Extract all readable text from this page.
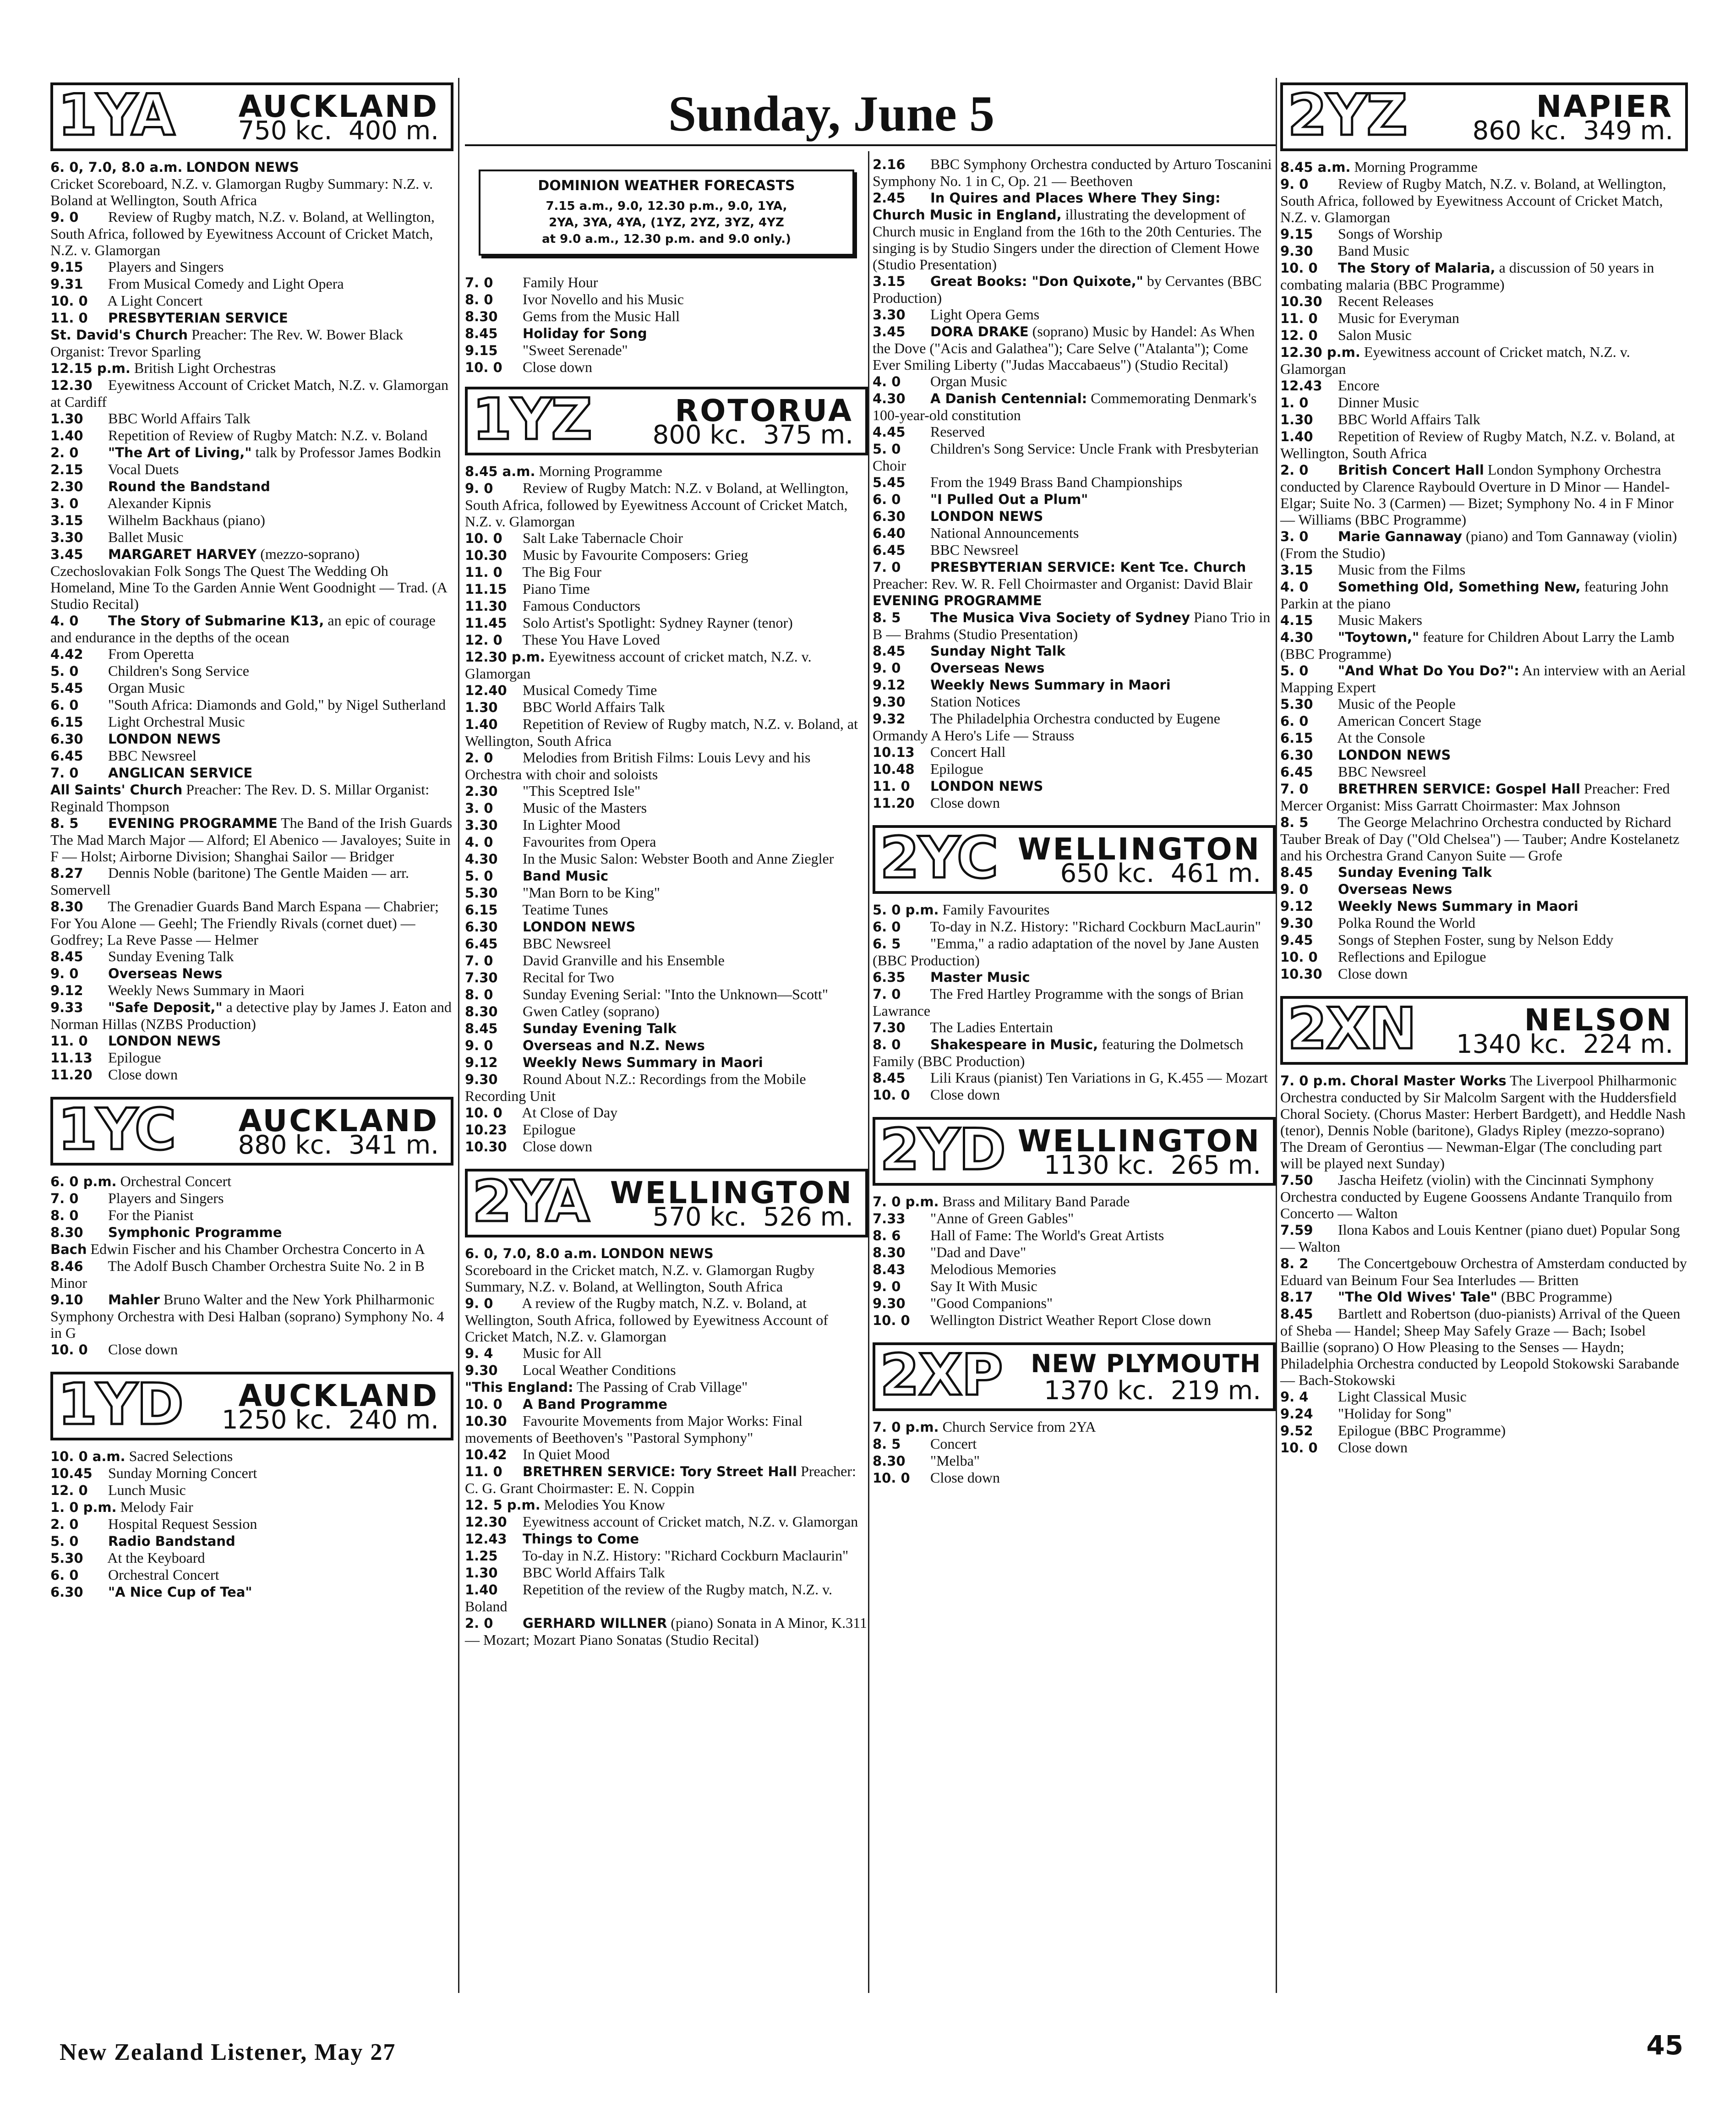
Sunday, June 5
1YA AUCKLAND
750 kc. 400 m.

6. 0, 7.0, 8.0 a.m. LONDON NEWS

Cricket Scoreboard, N.Z. v. Glamorgan Rugby Summary: N.Z. v. Boland at Wellington, South Africa

9. 0 Review of Rugby match, N.Z. v. Boland, at Wellington, South Africa, followed by Eyewitness Account of Cricket Match, N.Z. v. Glamorgan

9.15 Players and Singers

9.31 From Musical Comedy and Light Opera

10. 0 A Light Concert

11. 0 PRESBYTERIAN SERVICE

St. David's Church Preacher: The Rev. W. Bower Black Organist: Trevor Sparling

12.15 p.m. British Light Orchestras

12.30 Eyewitness Account of Cricket Match, N.Z. v. Glamorgan at Cardiff

1.30 BBC World Affairs Talk

1.40 Repetition of Review of Rugby Match: N.Z. v. Boland

2. 0 "The Art of Living," talk by Professor James Bodkin

2.15 Vocal Duets

2.30 Round the Bandstand

3. 0 Alexander Kipnis

3.15 Wilhelm Backhaus (piano)

3.30 Ballet Music

3.45 MARGARET HARVEY (mezzo-soprano) Czechoslovakian Folk Songs The Quest The Wedding Oh Homeland, Mine To the Garden Annie Went Goodnight — Trad. (A Studio Recital)

4. 0 The Story of Submarine K13, an epic of courage and endurance in the depths of the ocean

4.42 From Operetta

5. 0 Children's Song Service

5.45 Organ Music

6. 0 "South Africa: Diamonds and Gold," by Nigel Sutherland

6.15 Light Orchestral Music

6.30 LONDON NEWS

6.45 BBC Newsreel

7. 0 ANGLICAN SERVICE

All Saints' Church Preacher: The Rev. D. S. Millar Organist: Reginald Thompson

8. 5 EVENING PROGRAMME The Band of the Irish Guards The Mad March Major — Alford; El Abenico — Javaloyes; Suite in F — Holst; Airborne Division; Shanghai Sailor — Bridger

8.27 Dennis Noble (baritone) The Gentle Maiden — arr. Somervell

8.30 The Grenadier Guards Band March Espana — Chabrier; For You Alone — Geehl; The Friendly Rivals (cornet duet) — Godfrey; La Reve Passe — Helmer

8.45 Sunday Evening Talk

9. 0 Overseas News

9.12 Weekly News Summary in Maori

9.33 "Safe Deposit," a detective play by James J. Eaton and Norman Hillas (NZBS Production)

11. 0 LONDON NEWS

11.13 Epilogue

11.20 Close down

1YC AUCKLAND
880 kc. 341 m.

6. 0 p.m. Orchestral Concert

7. 0 Players and Singers

8. 0 For the Pianist

8.30 Symphonic Programme

Bach Edwin Fischer and his Chamber Orchestra Concerto in A

8.46 The Adolf Busch Chamber Orchestra Suite No. 2 in B Minor

9.10 Mahler Bruno Walter and the New York Philharmonic Symphony Orchestra with Desi Halban (soprano) Symphony No. 4 in G

10. 0 Close down

1YD AUCKLAND
1250 kc. 240 m.

10. 0 a.m. Sacred Selections

10.45 Sunday Morning Concert

12. 0 Lunch Music

1. 0 p.m. Melody Fair

2. 0 Hospital Request Session

5. 0 Radio Bandstand

5.30 At the Keyboard

6. 0 Orchestral Concert

6.30 "A Nice Cup of Tea"

DOMINION WEATHER FORECASTS
7.15 a.m., 9.0, 12.30 p.m., 9.0, 1YA,
2YA, 3YA, 4YA, (1YZ, 2YZ, 3YZ, 4YZ
at 9.0 a.m., 12.30 p.m. and 9.0 only.)

7. 0 Family Hour

8. 0 Ivor Novello and his Music

8.30 Gems from the Music Hall

8.45 Holiday for Song

9.15 "Sweet Serenade"

10. 0 Close down

1YZ	ROTORUA
800 kc. 375 m.

8.45 a.m. Morning Programme

9. 0 Review of Rugby Match: N.Z. v Boland, at Wellington, South Africa, followed by Eyewitness Account of Cricket Match, N.Z. v. Glamorgan

10. 0 Salt Lake Tabernacle Choir

10.30 Music by Favourite Composers: Grieg

11. 0 The Big Four

11.15 Piano Time

11.30 Famous Conductors

11.45 Solo Artist's Spotlight: Sydney Rayner (tenor)

12. 0 These You Have Loved

12.30 p.m. Eyewitness account of cricket match, N.Z. v. Glamorgan

12.40 Musical Comedy Time

1.30 BBC World Affairs Talk

1.40 Repetition of Review of Rugby match, N.Z. v. Boland, at Wellington, South Africa

2. 0 Melodies from British Films: Louis Levy and his Orchestra with choir and soloists

2.30 "This Sceptred Isle"

3. 0 Music of the Masters

3.30 In Lighter Mood

4. 0 Favourites from Opera

4.30 In the Music Salon: Webster Booth and Anne Ziegler

5. 0 Band Music

5.30 "Man Born to be King"

6.15 Teatime Tunes

6.30 LONDON NEWS

6.45 BBC Newsreel

7. 0 David Granville and his Ensemble

7.30 Recital for Two

8. 0 Sunday Evening Serial: "Into the Unknown—Scott"

8.30 Gwen Catley (soprano)

8.45 Sunday Evening Talk

9. 0 Overseas and N.Z. News

9.12 Weekly News Summary in Maori

9.30 Round About N.Z.: Recordings from the Mobile Recording Unit

10. 0 At Close of Day

10.23 Epilogue

10.30 Close down

2YA WELLINGTON
570 kc. 526 m.

6. 0, 7.0, 8.0 a.m. LONDON NEWS

Scoreboard in the Cricket match, N.Z. v. Glamorgan Rugby Summary, N.Z. v. Boland, at Wellington, South Africa

9. 0 A review of the Rugby match, N.Z. v. Boland, at Wellington, South Africa, followed by Eyewitness Account of Cricket Match, N.Z. v. Glamorgan

9. 4 Music for All

9.30 Local Weather Conditions

"This England: The Passing of Crab Village"

10. 0 A Band Programme

10.30 Favourite Movements from Major Works: Final movements of Beethoven's "Pastoral Symphony"

10.42 In Quiet Mood

11. 0 BRETHREN SERVICE: Tory Street Hall Preacher: C. G. Grant Choirmaster: E. N. Coppin

12. 5 p.m. Melodies You Know

12.30 Eyewitness account of Cricket match, N.Z. v. Glamorgan

12.43 Things to Come

1.25 To-day in N.Z. History: "Richard Cockburn Maclaurin"

1.30 BBC World Affairs Talk

1.40 Repetition of the review of the Rugby match, N.Z. v. Boland

2. 0 GERHARD WILLNER (piano) Sonata in A Minor, K.311 — Mozart; Mozart Piano Sonatas (Studio Recital)

2.16 BBC Symphony Orchestra conducted by Arturo Toscanini Symphony No. 1 in C, Op. 21 — Beethoven

2.45 In Quires and Places Where They Sing: Church Music in England, illustrating the development of Church music in England from the 16th to the 20th Centuries. The singing is by Studio Singers under the direction of Clement Howe (Studio Presentation)

3.15 Great Books: "Don Quixote," by Cervantes (BBC Production)

3.30 Light Opera Gems

3.45 DORA DRAKE (soprano) Music by Handel: As When the Dove ("Acis and Galathea"); Care Selve ("Atalanta"); Come Ever Smiling Liberty ("Judas Maccabaeus") (Studio Recital)

4. 0 Organ Music

4.30 A Danish Centennial: Commemorating Denmark's 100-year-old constitution

4.45 Reserved

5. 0 Children's Song Service: Uncle Frank with Presbyterian Choir

5.45 From the 1949 Brass Band Championships

6. 0 "I Pulled Out a Plum"

6.30 LONDON NEWS

6.40 National Announcements

6.45 BBC Newsreel

7. 0 PRESBYTERIAN SERVICE: Kent Tce. Church Preacher: Rev. W. R. Fell Choirmaster and Organist: David Blair

EVENING PROGRAMME

8. 5 The Musica Viva Society of Sydney Piano Trio in B — Brahms (Studio Presentation)

8.45 Sunday Night Talk

9. 0 Overseas News

9.12 Weekly News Summary in Maori

9.30 Station Notices

9.32 The Philadelphia Orchestra conducted by Eugene Ormandy A Hero's Life — Strauss

10.13 Concert Hall

10.48 Epilogue

11. 0 LONDON NEWS

11.20 Close down

2YC WELLINGTON
650 kc. 461 m.

5. 0 p.m. Family Favourites

6. 0 To-day in N.Z. History: "Richard Cockburn MacLaurin"

6. 5 "Emma," a radio adaptation of the novel by Jane Austen (BBC Production)

6.35 Master Music

7. 0 The Fred Hartley Programme with the songs of Brian Lawrance

7.30 The Ladies Entertain

8. 0 Shakespeare in Music, featuring the Dolmetsch Family (BBC Production)

8.45 Lili Kraus (pianist) Ten Variations in G, K.455 — Mozart

10. 0 Close down

2YD WELLINGTON
1130 kc. 265 m.

7. 0 p.m. Brass and Military Band Parade

7.33 "Anne of Green Gables"

8. 6 Hall of Fame: The World's Great Artists

8.30 "Dad and Dave"

8.43 Melodious Memories

9. 0 Say It With Music

9.30 "Good Companions"

10. 0 Wellington District Weather Report Close down

2XP NEW PLYMOUTH
1370 kc. 219 m.

7. 0 p.m. Church Service from 2YA

8. 5 Concert

8.30 "Melba"

10. 0 Close down

2YZ	NAPIER
860 kc. 349 m.

8.45 a.m. Morning Programme

9. 0 Review of Rugby Match, N.Z. v. Boland, at Wellington, South Africa, followed by Eyewitness Account of Cricket Match, N.Z. v. Glamorgan

9.15 Songs of Worship

9.30 Band Music

10. 0 The Story of Malaria, a discussion of 50 years in combating malaria (BBC Programme)

10.30 Recent Releases

11. 0 Music for Everyman

12. 0 Salon Music

12.30 p.m. Eyewitness account of Cricket match, N.Z. v. Glamorgan

12.43 Encore

1. 0 Dinner Music

1.30 BBC World Affairs Talk

1.40 Repetition of Review of Rugby Match, N.Z. v. Boland, at Wellington, South Africa

2. 0 British Concert Hall London Symphony Orchestra conducted by Clarence Raybould Overture in D Minor — Handel-Elgar; Suite No. 3 (Carmen) — Bizet; Symphony No. 4 in F Minor — Williams (BBC Programme)

3. 0 Marie Gannaway (piano) and Tom Gannaway (violin) (From the Studio)

3.15 Music from the Films

4. 0 Something Old, Something New, featuring John Parkin at the piano

4.15 Music Makers

4.30 "Toytown," feature for Children About Larry the Lamb (BBC Programme)

5. 0 "And What Do You Do?": An interview with an Aerial Mapping Expert

5.30 Music of the People

6. 0 American Concert Stage

6.15 At the Console

6.30 LONDON NEWS

6.45 BBC Newsreel

7. 0 BRETHREN SERVICE: Gospel Hall Preacher: Fred Mercer Organist: Miss Garratt Choirmaster: Max Johnson

8. 5 The George Melachrino Orchestra conducted by Richard Tauber Break of Day ("Old Chelsea") — Tauber; Andre Kostelanetz and his Orchestra Grand Canyon Suite — Grofe

8.45 Sunday Evening Talk

9. 0 Overseas News

9.12 Weekly News Summary in Maori

9.30 Polka Round the World

9.45 Songs of Stephen Foster, sung by Nelson Eddy

10. 0 Reflections and Epilogue

10.30 Close down

2XN	NELSON
1340 kc. 224 m.

7. 0 p.m. Choral Master Works The Liverpool Philharmonic Orchestra conducted by Sir Malcolm Sargent with the Huddersfield Choral Society. (Chorus Master: Herbert Bardgett), and Heddle Nash (tenor), Dennis Noble (baritone), Gladys Ripley (mezzo-soprano) The Dream of Gerontius — Newman-Elgar (The concluding part will be played next Sunday)

7.50 Jascha Heifetz (violin) with the Cincinnati Symphony Orchestra conducted by Eugene Goossens Andante Tranquilo from Concerto — Walton

7.59 Ilona Kabos and Louis Kentner (piano duet) Popular Song — Walton

8. 2 The Concertgebouw Orchestra of Amsterdam conducted by Eduard van Beinum Four Sea Interludes — Britten

8.17 "The Old Wives' Tale" (BBC Programme)

8.45 Bartlett and Robertson (duo-pianists) Arrival of the Queen of Sheba — Handel; Sheep May Safely Graze — Bach; Isobel Baillie (soprano) O How Pleasing to the Senses — Haydn; Philadelphia Orchestra conducted by Leopold Stokowski Sarabande — Bach-Stokowski

9. 4 Light Classical Music

9.24 "Holiday for Song"

9.52 Epilogue (BBC Programme)

10. 0 Close down

New Zealand Listener, May 27	45
